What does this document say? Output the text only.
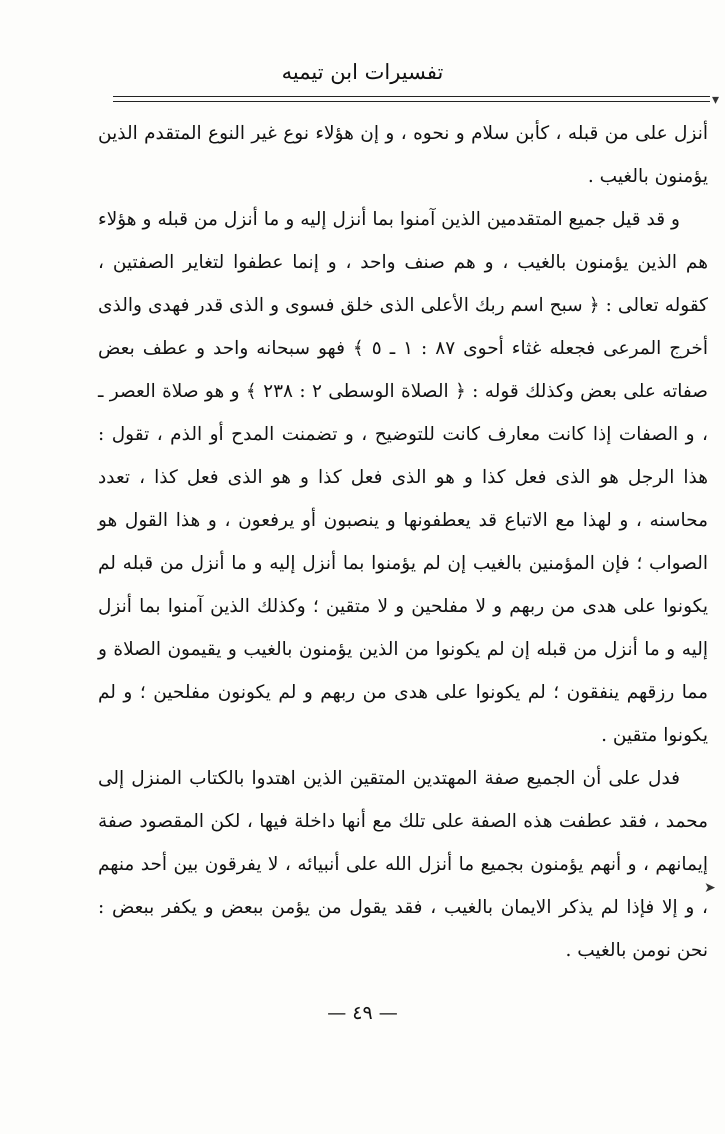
تفسيرات ابن تيميه
▾
➤

أنزل على من قبله ، كأبن سلام و نحوه ، و إن هؤلاء نوع غير النوع المتقدم الذين يؤمنون بالغيب .

و قد قيل جميع المتقدمين الذين آمنوا بما أنزل إليه و ما أنزل من قبله و هؤلاء هم الذين يؤمنون بالغيب ، و هم صنف واحد ، و إنما عطفوا لتغاير الصفتين ، كقوله تعالى : ﴿ سبح اسم ربك الأعلى الذى خلق فسوى و الذى قدر فهدى والذى أخرج المرعى فجعله غثاء أحوى ٨٧ : ١ ـ ٥ ﴾ فهو سبحانه واحد و عطف بعض صفاته على بعض وكذلك قوله : ﴿ الصلاة الوسطى ٢ : ٢٣٨ ﴾ و هو صلاة العصر ـ ، و الصفات إذا كانت معارف كانت للتوضيح ، و تضمنت المدح أو الذم ، تقول : هذا الرجل هو الذى فعل كذا و هو الذى فعل كذا و هو الذى فعل كذا ، تعدد محاسنه ، و لهذا مع الاتباع قد يعطفونها و ينصبون أو يرفعون ، و هذا القول هو الصواب ؛ فإن المؤمنين بالغيب إن لم يؤمنوا بما أنزل إليه و ما أنزل من قبله لم يكونوا على هدى من ربهم و لا مفلحين و لا متقين ؛ وكذلك الذين آمنوا بما أنزل إليه و ما أنزل من قبله إن لم يكونوا من الذين يؤمنون بالغيب و يقيمون الصلاة و مما رزقهم ينفقون ؛ لم يكونوا على هدى من ربهم و لم يكونون مفلحين ؛ و لم يكونوا متقين .

فدل على أن الجميع صفة المهتدين المتقين الذين اهتدوا بالكتاب المنزل إلى محمد ، فقد عطفت هذه الصفة على تلك مع أنها داخلة فيها ، لكن المقصود صفة إيمانهم ، و أنهم يؤمنون بجميع ما أنزل الله على أنبيائه ، لا يفرقون بين أحد منهم ، و إلا فإذا لم يذكر الايمان بالغيب ، فقد يقول من يؤمن ببعض و يكفر ببعض : نحن نومن بالغيب .

— ٤٩ —
